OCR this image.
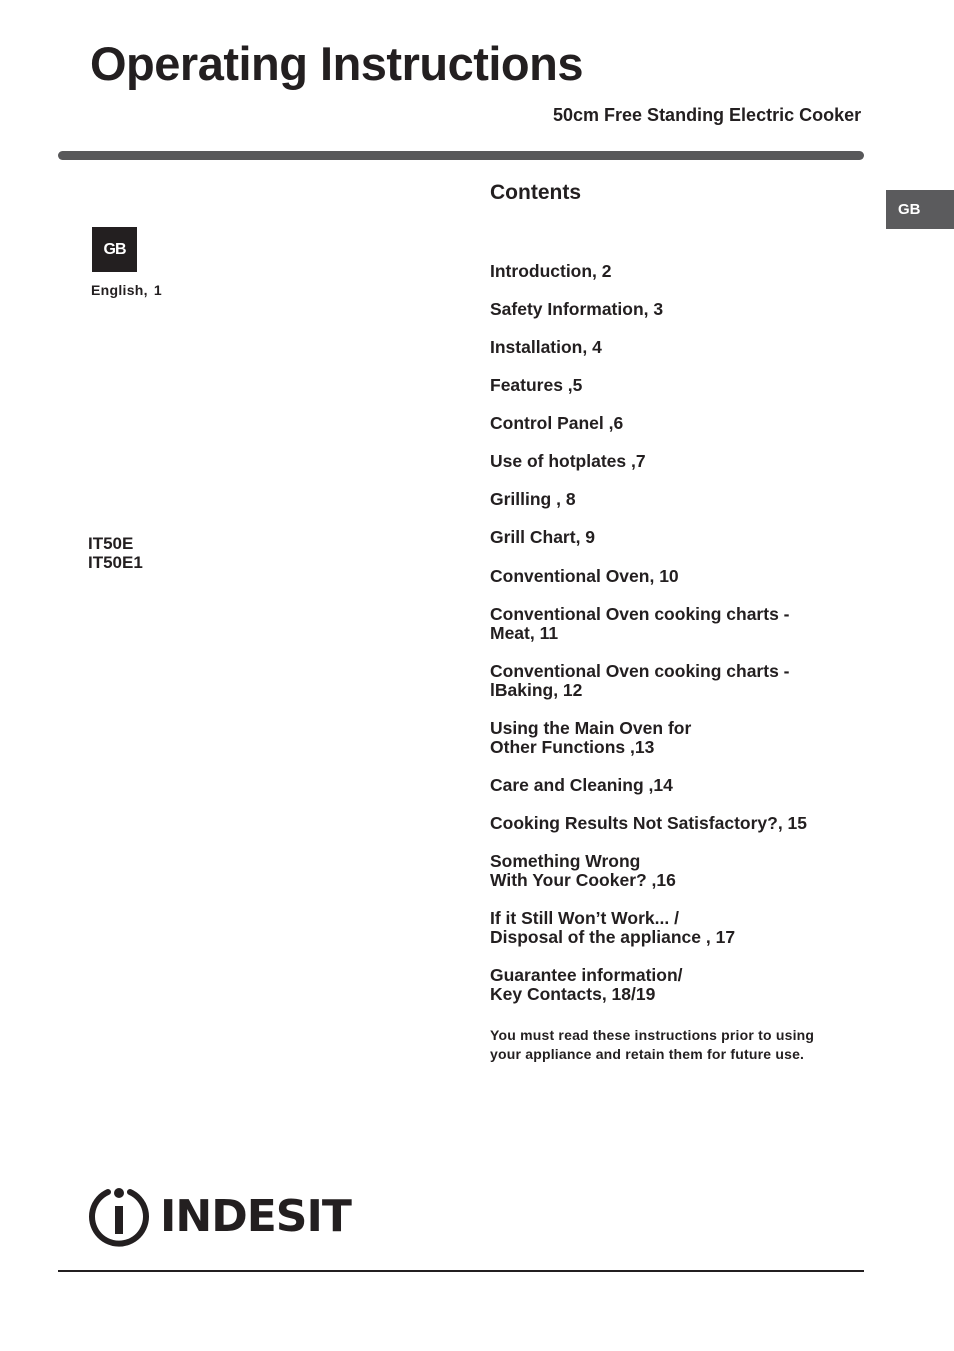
Operating Instructions
50cm Free Standing Electric Cooker
GB
GB
English, 1
IT50E
IT50E1
Contents
Introduction, 2
Safety Information, 3
Installation, 4
Features ,5
Control Panel ,6
Use of hotplates ,7
Grilling , 8
Grill Chart, 9
Conventional Oven, 10
Conventional Oven cooking charts -
Meat, 11
Conventional Oven cooking charts -
lBaking, 12
Using the Main Oven for
Other Functions ,13
Care and Cleaning ,14
Cooking Results Not Satisfactory?, 15
Something Wrong
With Your Cooker? ,16
If it Still Won’t Work... /
Disposal of the appliance , 17
Guarantee information/
Key Contacts, 18/19
You must read these instructions prior to using
your appliance and retain them for future use.
INDESIT
